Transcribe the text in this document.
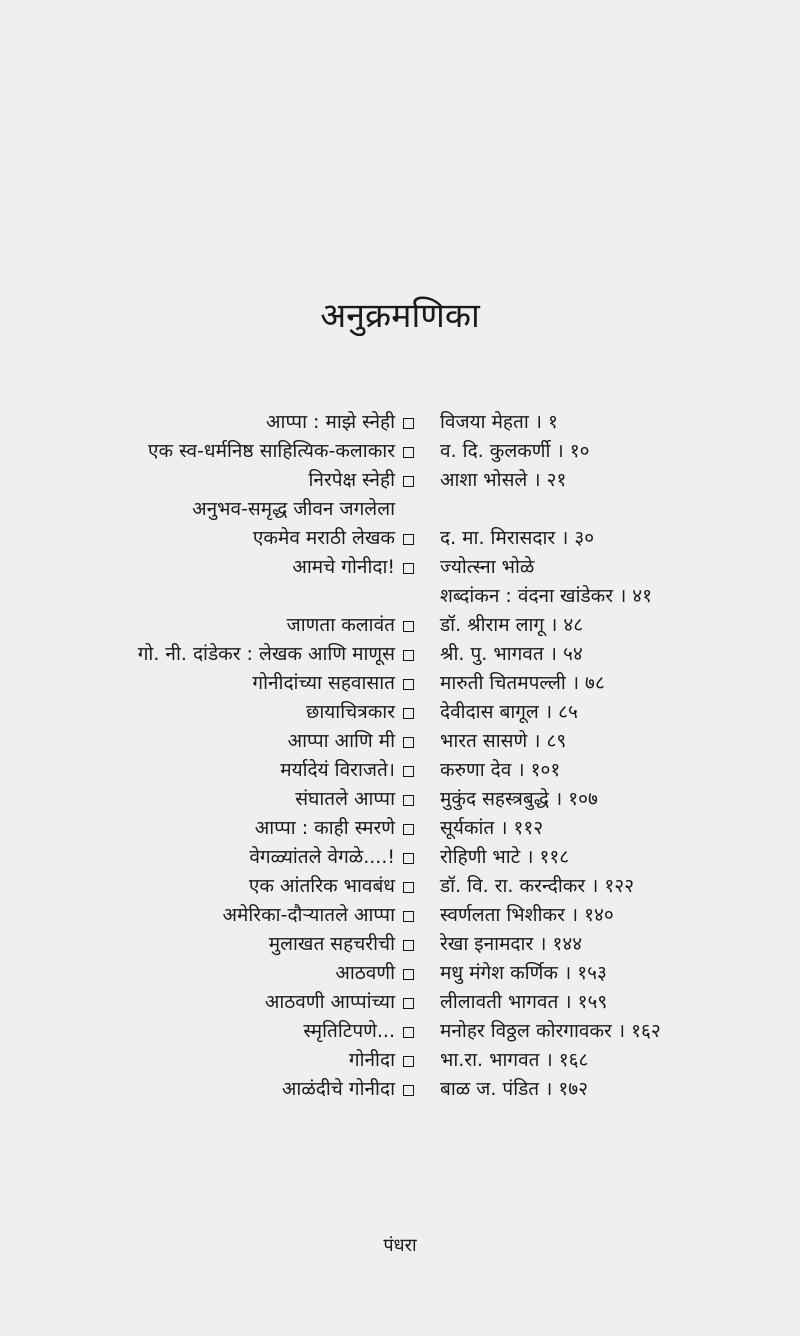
अनुक्रमणिका
आप्पा : माझे स्नेही विजया मेहता । १
एक स्व-धर्मनिष्ठ साहित्यिक-कलाकार व. दि. कुलकर्णी । १०
निरपेक्ष स्नेही आशा भोसले । २१
अनुभव-समृद्ध जीवन जगलेला
एकमेव मराठी लेखक द. मा. मिरासदार । ३०
आमचे गोनीदा! ज्योत्स्ना भोळे
शब्दांकन : वंदना खांडेकर । ४१
जाणता कलावंत डॉ. श्रीराम लागू । ४८
गो. नी. दांडेकर : लेखक आणि माणूस श्री. पु. भागवत । ५४
गोनीदांच्या सहवासात मारुती चितमपल्ली । ७८
छायाचित्रकार देवीदास बागूल । ८५
आप्पा आणि मी भारत सासणे । ८९
मर्यादेयं विराजते। करुणा देव । १०१
संघातले आप्पा मुकुंद सहस्त्रबुद्धे । १०७
आप्पा : काही स्मरणे सूर्यकांत । ११२
वेगळ्यांतले वेगळे....! रोहिणी भाटे । ११८
एक आंतरिक भावबंध डॉ. वि. रा. करन्दीकर । १२२
अमेरिका-दौऱ्यातले आप्पा स्वर्णलता भिशीकर । १४०
मुलाखत सहचरीची रेखा इनामदार । १४४
आठवणी मधु मंगेश कर्णिक । १५३
आठवणी आप्पांच्या लीलावती भागवत । १५९
स्मृतिटिपणे... मनोहर विठ्ठल कोरगावकर । १६२
गोनीदा भा.रा. भागवत । १६८
आळंदीचे गोनीदा बाळ ज. पंडित । १७२
पंधरा
